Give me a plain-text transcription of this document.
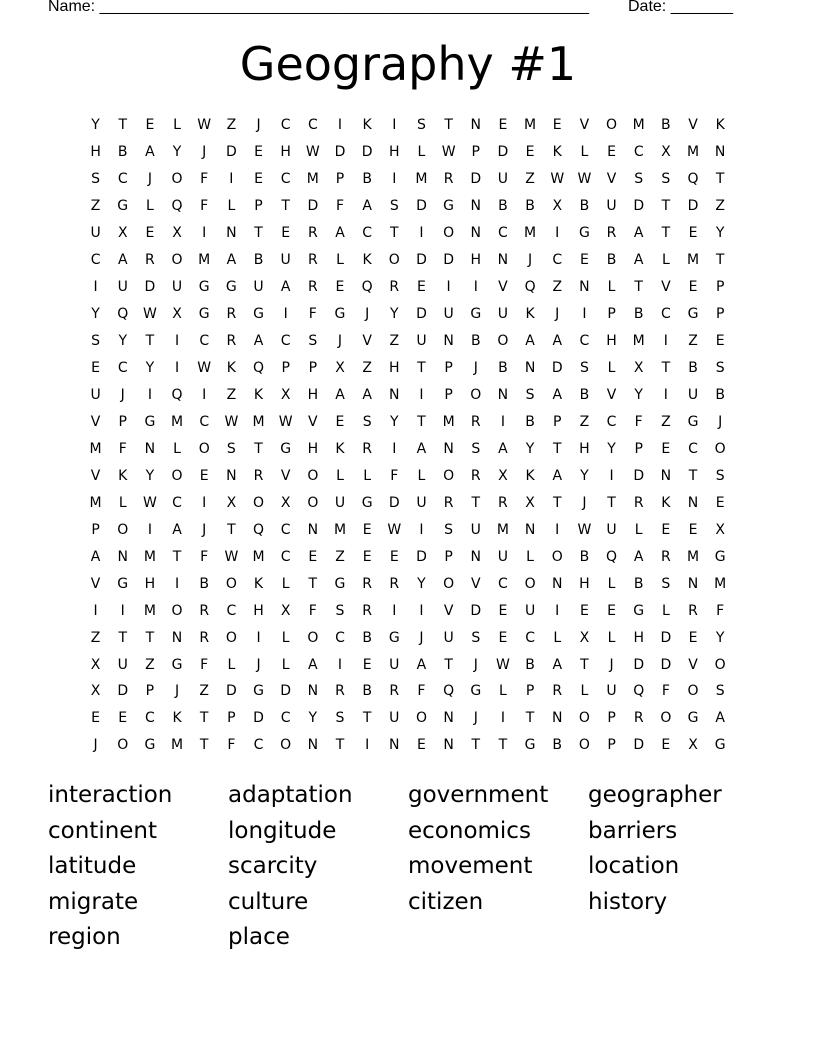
Name: _______________________________________________________ Date: _______
Geography #1
Y	T	E	L	W	Z	J	C	C	I	K	I	S	T	N	E	M	E	V	O	M	B	V	K
H	B	A	Y	J	D	E	H	W	D	D	H	L	W	P	D	E	K	L	E	C	X	M	N
S	C	J	O	F	I	E	C	M	P	B	I	M	R	D	U	Z	W W	V	S	S	Q	T
Z	G	L	Q	F	L	P	T	D	F	A	S	D	G	N	B	B	X	B	U	D	T	D	Z
U	X	E	X	I	N	T	E	R	A	C	T	I	O	N	C	M	I	G	R	A	T	E	Y
C	A	R	O	M	A	B	U	R	L	K	O	D	D	H	N	J	C	E	B	A	L	M	T
I	U	D	U	G	G	U	A	R	E	Q	R	E	I	I	V	Q	Z	N	L	T	V	E	P
Y	Q	W	X	G	R	G	I	F	G	J	Y	D	U	G	U	K	J	I	P	B	C	G	P
S	Y	T	I	C	R	A	C	S	J	V	Z	U	N	B	O	A	A	C	H	M	I	Z	E
E	C	Y	I	W	K	Q	P	P	X	Z	H	T	P	J	B	N	D	S	L	X	T	B	S
U	J	I	Q	I	Z	K	X	H	A	A	N	I	P	O	N	S	A	B	V	Y	I	U	B
V	P	G	M	C	W	M	W	V	E	S	Y	T	M	R	I	B	P	Z	C	F	Z	G	J
M	F	N	L	O	S	T	G	H	K	R	I	A	N	S	A	Y	T	H	Y	P	E	C	O
V	K	Y	O	E	N	R	V	O	L	L	F	L	O	R	X	K	A	Y	I	D	N	T	S
M	L	W	C	I	X	O	X	O	U	G	D	U	R	T	R	X	T	J	T	R	K	N	E
P	O	I	A	J	T	Q	C	N	M	E	W	I	S	U	M	N	I	W	U	L	E	E	X
A	N	M	T	F	W	M	C	E	Z	E	E	D	P	N	U	L	O	B	Q	A	R	M	G
V	G	H	I	B	O	K	L	T	G	R	R	Y	O	V	C	O	N	H	L	B	S	N	M
I	I	M	O	R	C	H	X	F	S	R	I	I	V	D	E	U	I	E	E	G	L	R	F
Z	T	T	N	R	O	I	L	O	C	B	G	J	U	S	E	C	L	X	L	H	D	E	Y
X	U	Z	G	F	L	J	L	A	I	E	U	A	T	J	W	B	A	T	J	D	D	V	O
X	D	P	J	Z	D	G	D	N	R	B	R	F	Q	G	L	P	R	L	U	Q	F	O	S
E	E	C	K	T	P	D	C	Y	S	T	U	O	N	J	I	T	N	O	P	R	O	G	A
J	O	G	M	T	F	C	O	N	T	I	N	E	N	T	T	G	B	O	P	D	E	X	G
interaction	adaptation	government	geographer
continent	longitude	economics	barriers
latitude	scarcity	movement	location
migrate	culture	citizen	history
region	place
